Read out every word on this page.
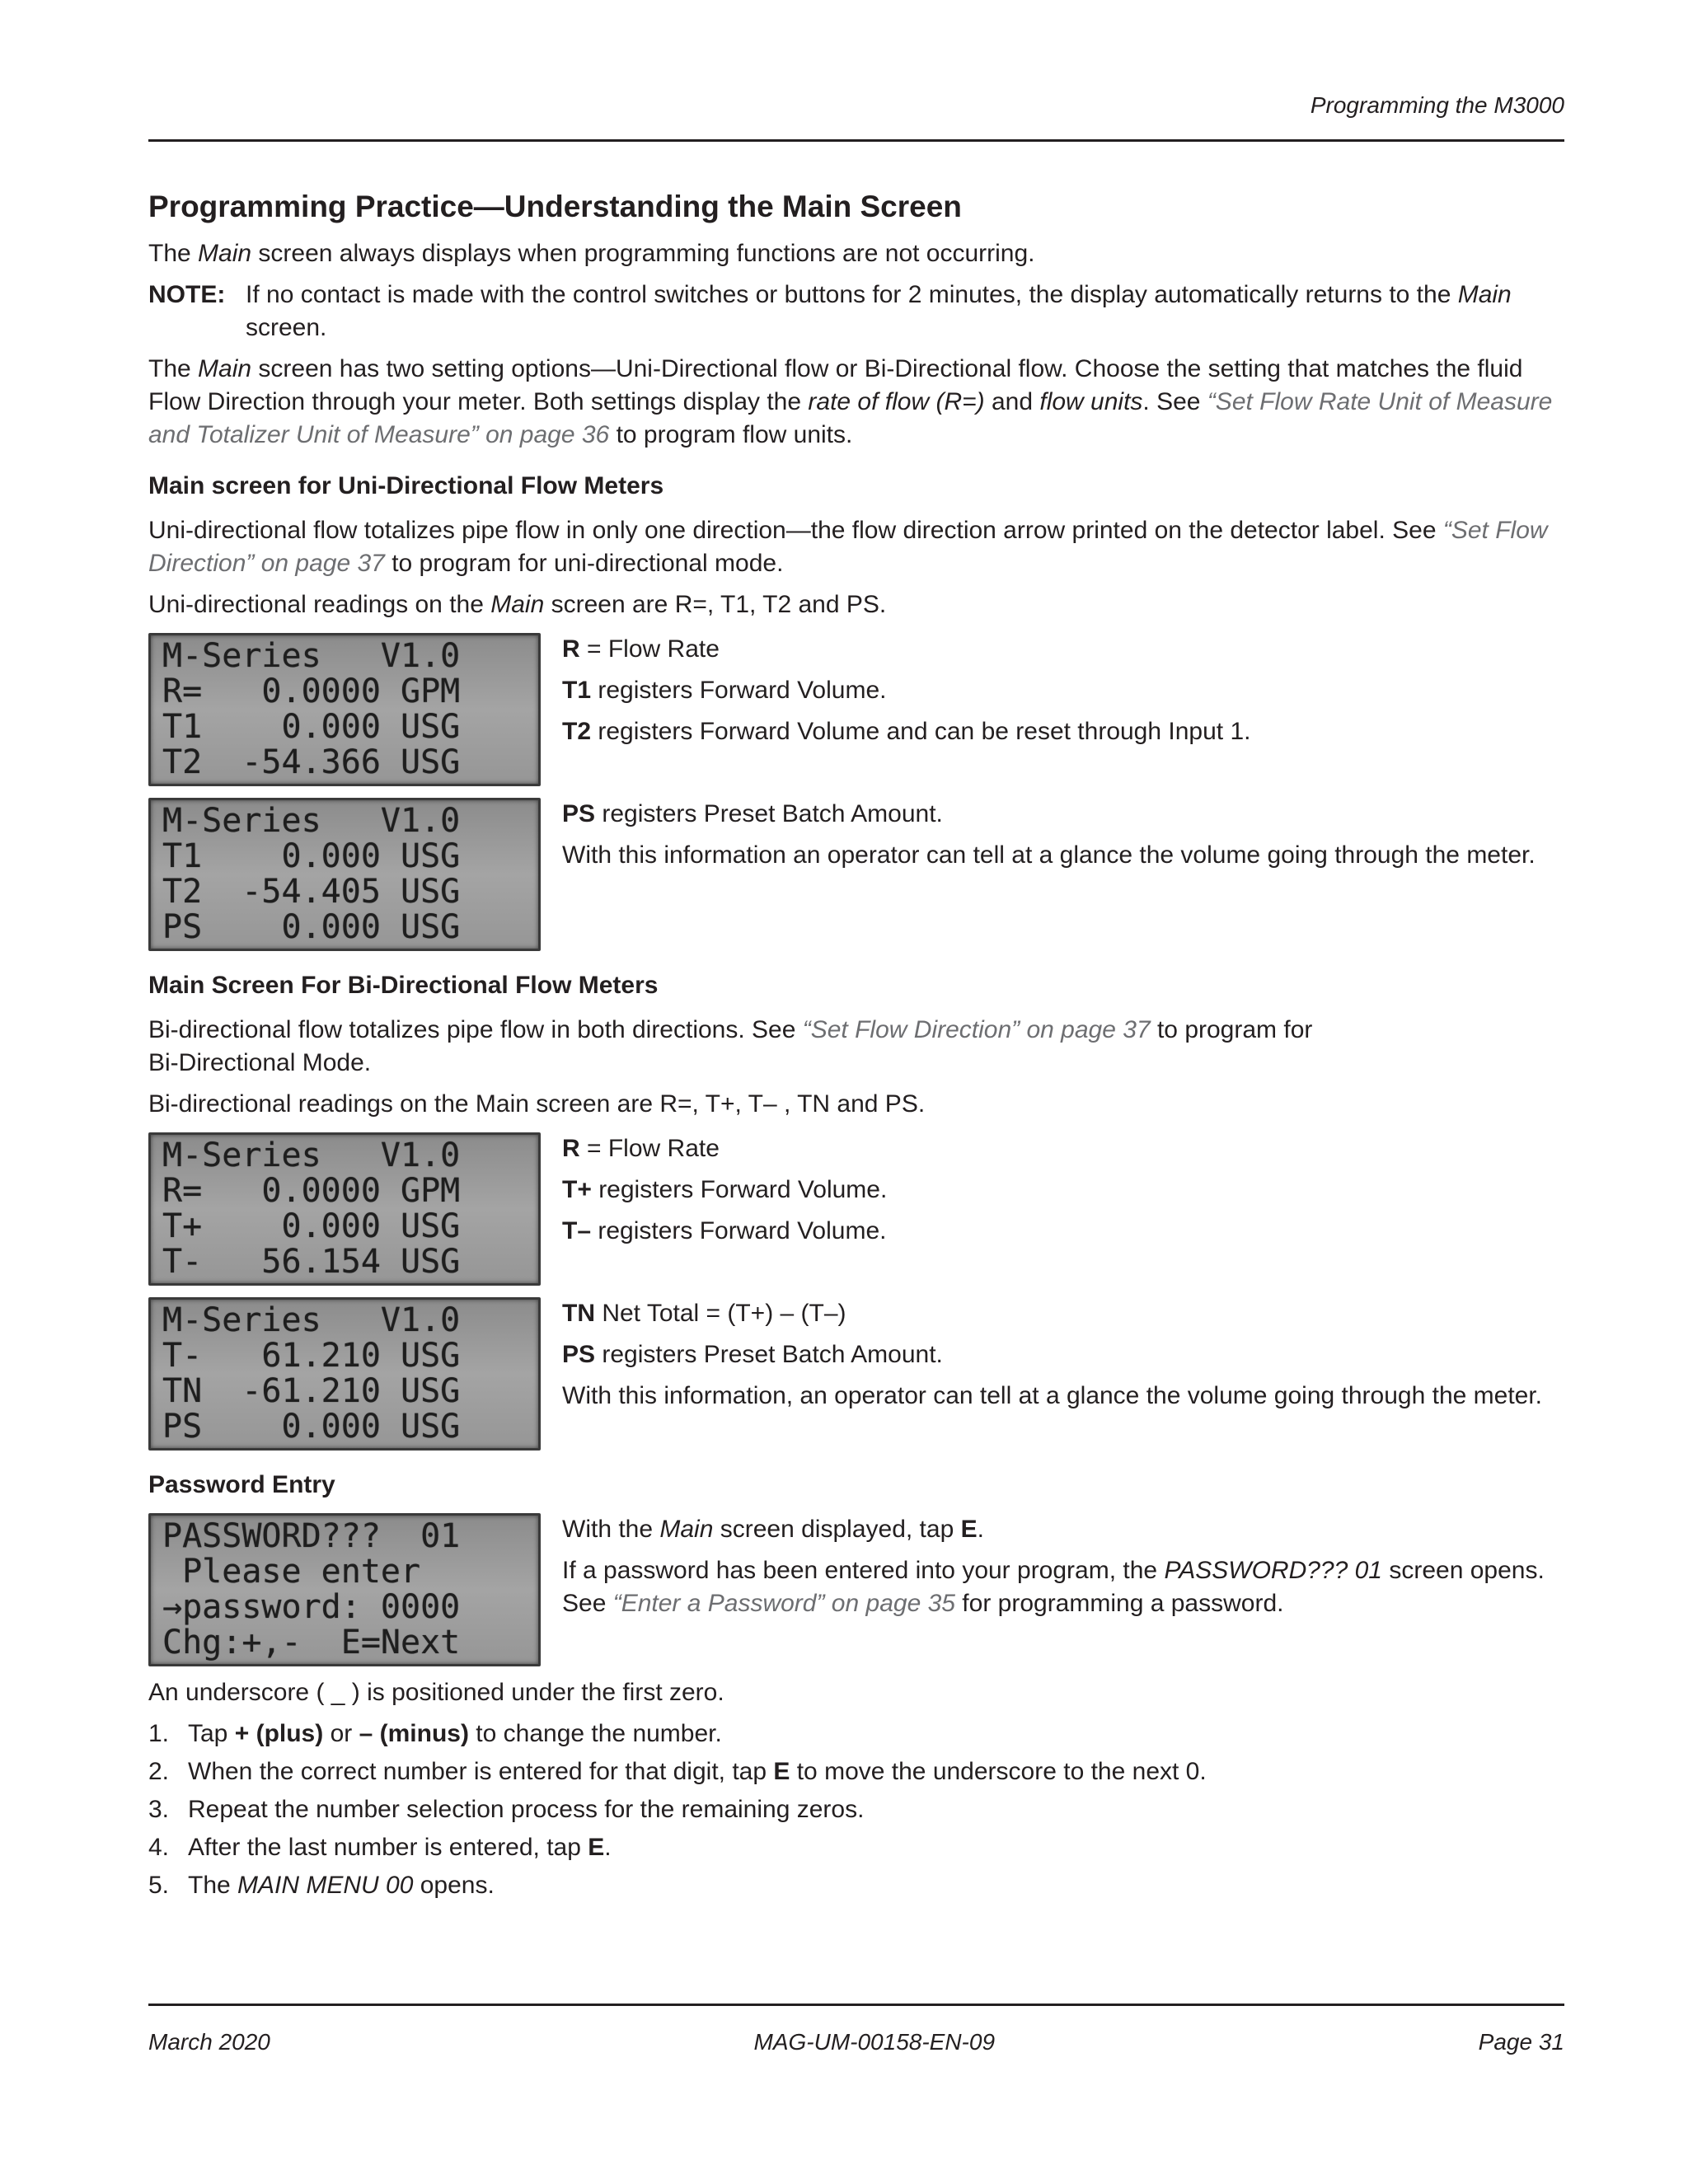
Programming the M3000
Programming Practice—Understanding the Main Screen

The Main screen always displays when programming functions are not occurring.

NOTE: If no contact is made with the control switches or buttons for 2 minutes, the display automatically returns to the Main screen.

The Main screen has two setting options—Uni-Directional flow or Bi-Directional flow. Choose the setting that matches the fluid Flow Direction through your meter. Both settings display the rate of flow (R=) and flow units. See “Set Flow Rate Unit of Measure and Totalizer Unit of Measure” on page 36 to program flow units.

Main screen for Uni-Directional Flow Meters

Uni-directional flow totalizes pipe flow in only one direction—the flow direction arrow printed on the detector label. See “Set Flow Direction” on page 37 to program for uni-directional mode.

Uni-directional readings on the Main screen are R=, T1, T2 and PS.

M-Series   V1.0
R=   0.0000 GPM
T1    0.000 USG
T2  -54.366 USG

R = Flow Rate

T1 registers Forward Volume.

T2 registers Forward Volume and can be reset through Input 1.

M-Series   V1.0
T1    0.000 USG
T2  -54.405 USG
PS    0.000 USG

PS registers Preset Batch Amount.

With this information an operator can tell at a glance the volume going through the meter.

Main Screen For Bi-Directional Flow Meters

Bi-directional flow totalizes pipe flow in both directions. See “Set Flow Direction” on page 37 to program for
Bi-Directional Mode.

Bi-directional readings on the Main screen are R=, T+, T– , TN and PS.

M-Series   V1.0
R=   0.0000 GPM
T+    0.000 USG
T-   56.154 USG

R = Flow Rate

T+ registers Forward Volume.

T– registers Forward Volume.

M-Series   V1.0
T-   61.210 USG
TN  -61.210 USG
PS    0.000 USG

TN Net Total = (T+) – (T–)

PS registers Preset Batch Amount.

With this information, an operator can tell at a glance the volume going through the meter.

Password Entry
PASSWORD???  01
Please enter
→password: 0000
Chg:+,-  E=Next

With the Main screen displayed, tap E.

If a password has been entered into your program, the PASSWORD??? 01 screen opens.
See “Enter a Password” on page 35 for programming a password.

An underscore ( _ ) is positioned under the first zero.

1. Tap + (plus) or – (minus) to change the number.
2. When the correct number is entered for that digit, tap E to move the underscore to the next 0.
3. Repeat the number selection process for the remaining zeros.
4. After the last number is entered, tap E.
5. The MAIN MENU 00 opens.
March 2020	MAG-UM-00158-EN-09	Page 31
